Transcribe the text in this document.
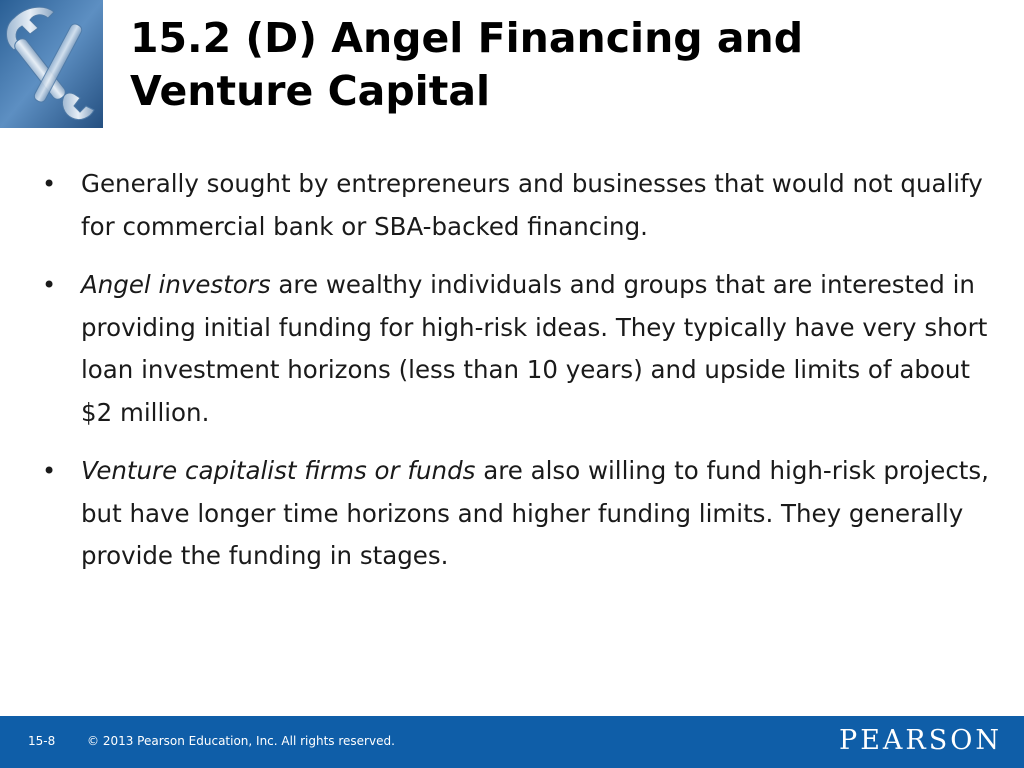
15.2 (D) Angel Financing and
Venture Capital
• Generally sought by entrepreneurs and businesses that would not qualify for commercial bank or SBA-backed financing.
• Angel investors are wealthy individuals and groups that are interested in providing initial funding for high-risk ideas. They typically have very short loan investment horizons (less than 10 years) and upside limits of about $2 million.
• Venture capitalist firms or funds are also willing to fund high-risk projects, but have longer time horizons and higher funding limits. They generally provide the funding in stages.
15-8	© 2013 Pearson Education, Inc. All rights reserved.	PEARSON
